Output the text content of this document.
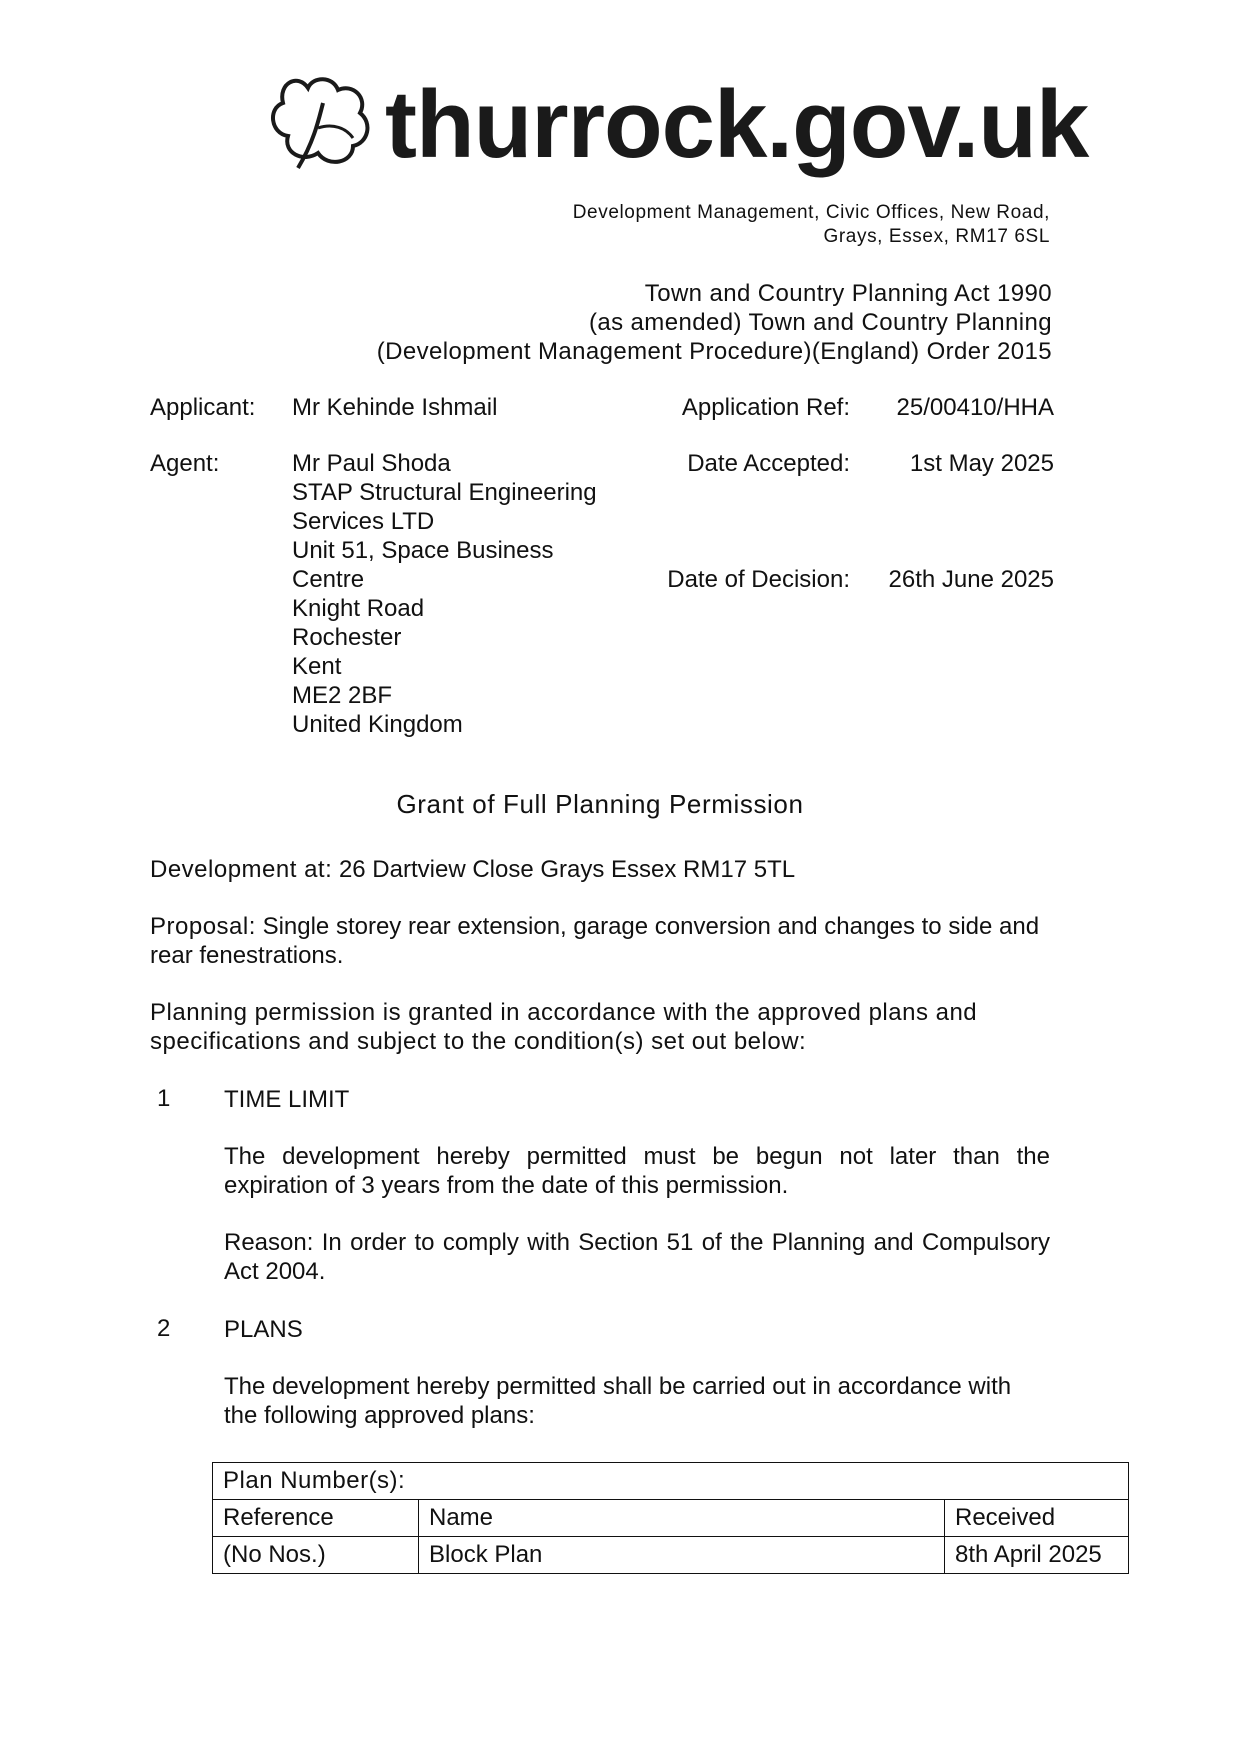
thurrock.gov.uk
Development Management, Civic Offices, New Road,
Grays, Essex, RM17 6SL
Town and Country Planning Act 1990
(as amended) Town and Country Planning
(Development Management Procedure)(England) Order 2015
Applicant: Mr Kehinde Ishmail	Application Ref: 25/00410/HHA
Agent:	Mr Paul Shoda
STAP Structural Engineering
Services LTD
Unit 51, Space Business
Centre
Knight Road
Rochester
Kent
ME2 2BF
United Kingdom
Date Accepted: 1st May 2025
Date of Decision: 26th June 2025
Grant of Full Planning Permission
Development at: 26 Dartview Close Grays Essex RM17 5TL
Proposal: Single storey rear extension, garage conversion and changes to side and rear fenestrations.
Planning permission is granted in accordance with the approved plans and
specifications and subject to the condition(s) set out below:
1 TIME LIMIT
The development hereby permitted must be begun not later than the expiration of 3 years from the date of this permission.
Reason: In order to comply with Section 51 of the Planning and Compulsory Act 2004.
2 PLANS
The development hereby permitted shall be carried out in accordance with the following approved plans:
Plan Number(s):		
Reference	Name	Received
(No Nos.)	Block Plan	8th April 2025
